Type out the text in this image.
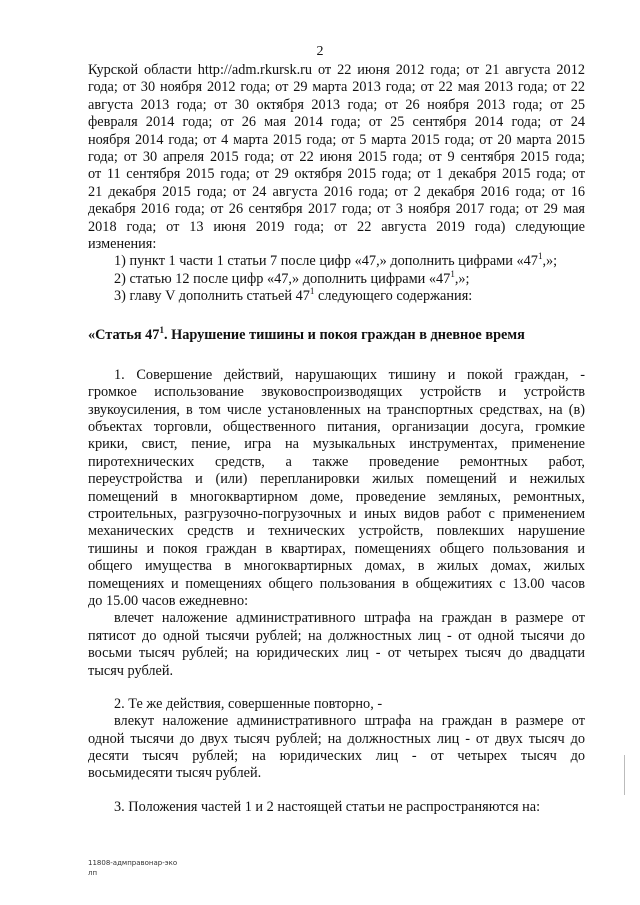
2
Курской области http://adm.rkursk.ru от 22 июня 2012 года; от 21 августа 2012
года; от 30 ноября 2012 года; от 29 марта 2013 года; от 22 мая 2013 года; от 22
августа 2013 года; от 30 октября 2013 года; от 26 ноября 2013 года; от 25
февраля 2014 года; от 26 мая 2014 года; от 25 сентября 2014 года; от 24
ноября 2014 года; от 4 марта 2015 года; от 5 марта 2015 года; от 20 марта 2015
года; от 30 апреля 2015 года; от 22 июня 2015 года; от 9 сентября 2015 года;
от 11 сентября 2015 года; от 29 октября 2015 года; от 1 декабря 2015 года; от
21 декабря 2015 года; от 24 августа 2016 года; от 2 декабря 2016 года; от 16
декабря 2016 года; от 26 сентября 2017 года; от 3 ноября 2017 года; от 29 мая
2018 года; от 13 июня 2019 года; от 22 августа 2019 года) следующие
изменения:
1) пункт 1 части 1 статьи 7 после цифр «47,» дополнить цифрами «$47^1$,»;
2) статью 12 после цифр «47,» дополнить цифрами «$47^1$,»;
3) главу V дополнить статьей $47^1$ следующего содержания:
«Статья $47^1$. Нарушение тишины и покоя граждан в дневное время
1. Совершение действий, нарушающих тишину и покой граждан, -
громкое использование звуковоспроизводящих устройств и устройств
звукоусиления, в том числе установленных на транспортных средствах, на (в)
объектах торговли, общественного питания, организации досуга, громкие
крики, свист, пение, игра на музыкальных инструментах, применение
пиротехнических средств, а также проведение ремонтных работ,
переустройства и (или) перепланировки жилых помещений и нежилых
помещений в многоквартирном доме, проведение земляных, ремонтных,
строительных, разгрузочно-погрузочных и иных видов работ с применением
механических средств и технических устройств, повлекших нарушение
тишины и покоя граждан в квартирах, помещениях общего пользования и
общего имущества в многоквартирных домах, в жилых домах, жилых
помещениях и помещениях общего пользования в общежитиях с 13.00 часов
до 15.00 часов ежедневно:
влечет наложение административного штрафа на граждан в размере от
пятисот до одной тысячи рублей; на должностных лиц - от одной тысячи до
восьми тысяч рублей; на юридических лиц - от четырех тысяч до двадцати
тысяч рублей.
2. Те же действия, совершенные повторно, -
влекут наложение административного штрафа на граждан в размере от
одной тысячи до двух тысяч рублей; на должностных лиц - от двух тысяч до
десяти тысяч рублей; на юридических лиц - от четырех тысяч до
восьмидесяти тысяч рублей.
3. Положения частей 1 и 2 настоящей статьи не распространяются на:
11808-адмправонар-эко
лп
